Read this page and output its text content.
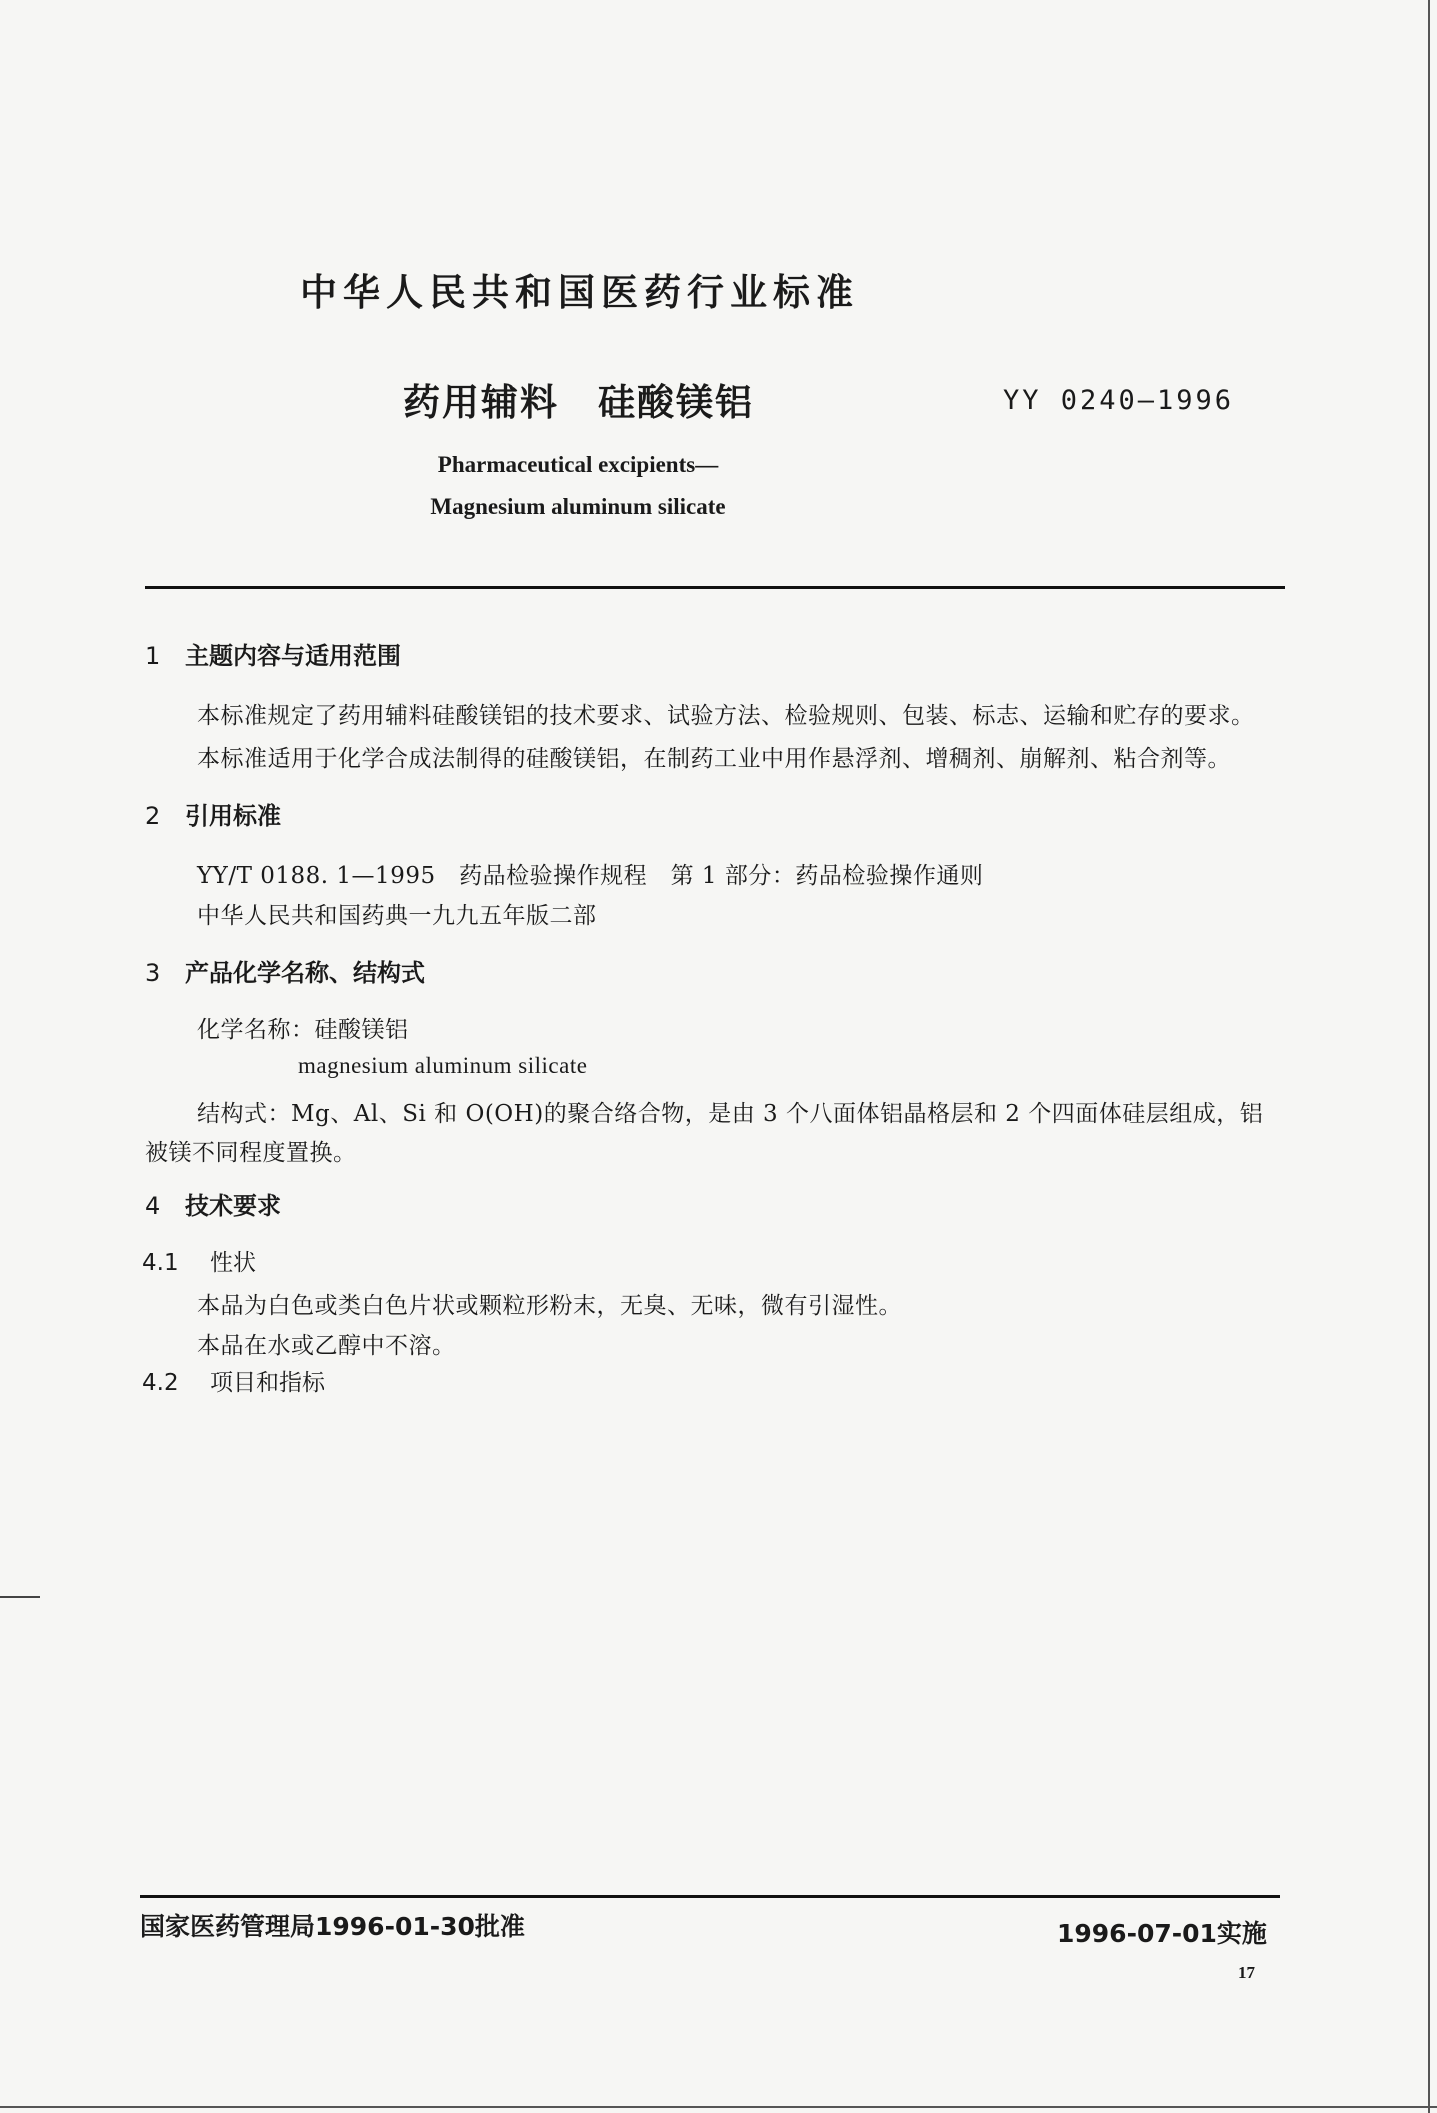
中华人民共和国医药行业标准
药用辅料　硅酸镁铝	YY 0240—1996
Pharmaceutical excipients—
Magnesium aluminum silicate
1 主题内容与适用范围
本标准规定了药用辅料硅酸镁铝的技术要求、试验方法、检验规则、包装、标志、运输和贮存的要求。
本标准适用于化学合成法制得的硅酸镁铝，在制药工业中用作悬浮剂、增稠剂、崩解剂、粘合剂等。
2 引用标准
YY/T 0188. 1—1995　药品检验操作规程　第 1 部分：药品检验操作通则
中华人民共和国药典一九九五年版二部
3 产品化学名称、结构式
化学名称：硅酸镁铝
magnesium aluminum silicate
结构式：Mg、Al、Si 和 O(OH)的聚合络合物，是由 3 个八面体铝晶格层和 2 个四面体硅层组成，铝
被镁不同程度置换。
4 技术要求
4.1 性状
本品为白色或类白色片状或颗粒形粉末，无臭、无味，微有引湿性。
本品在水或乙醇中不溶。
4.2 项目和指标
国家医药管理局1996-01-30批准	1996-07-01实施
17
